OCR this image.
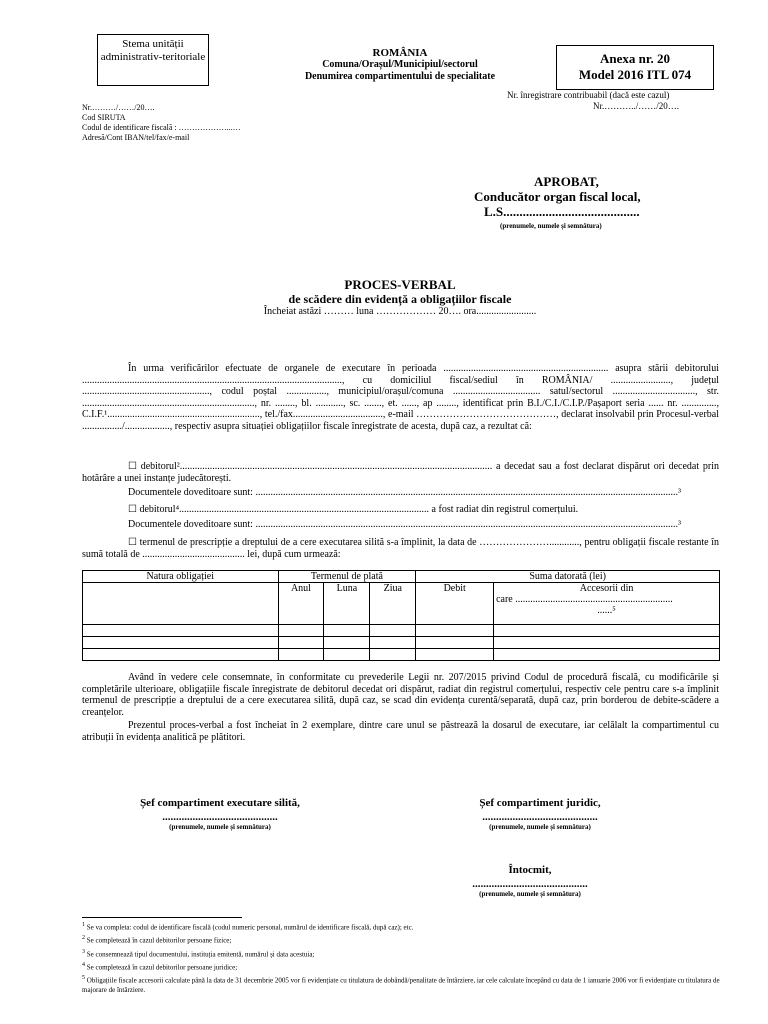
Stema unității administrativ-teritoriale	ROMÂNIA
Comuna/Orașul/Municipiul/sectorul
Denumirea compartimentului de specialitate
Anexa nr. 20
Model 2016 ITL 074
Nr. înregistrare contribuabil (dacă este cazul)
Nr.………../……/20….
Nr.………/……/20….
Cod SIRUTA
Codul de identificare fiscală : ………………...…
Adresă/Cont IBAN/tel/fax/e-mail
APROBAT,
Conducător organ fiscal local,
L.S..........................................
(prenumele, numele și semnătura)
PROCES-VERBAL
de scădere din evidență a obligațiilor fiscale
Încheiat astăzi ……… luna ……………… 20…. ora........................
În urma verificărilor efectuate de organele de executare în perioada .................................................................. asupra stării debitorului ........................................................................................................, cu domiciliul fiscal/sediul în ROMÂNIA/ ........................, județul ..................................................., codul poștal ................, municipiul/orașul/comuna ................................... satul/sectorul ................................., str. ....................................................................., nr. ........, bl. ..........., sc. ......., et. ......, ap ........, identificat prin B.I./C.I./C.I.P./Pașaport seria ...... nr. .............., C.I.F.¹............................................................., tel./fax...................................., e-mail ……………………………………, declarat insolvabil prin Procesul-verbal ................/.................., respectiv asupra situației obligațiilor fiscale înregistrate de acesta, după caz, a rezultat că:
☐ debitorul²............................................................................................................................. a decedat sau a fost declarat dispărut ori decedat prin hotărâre a unei instanțe judecătorești.
Documentele doveditoare sunt: .........................................................................................................................................................................³
☐ debitorul⁴.................................................................................................... a fost radiat din registrul comerțului.
Documentele doveditoare sunt: .........................................................................................................................................................................³
☐ termenul de prescripție a dreptului de a cere executarea silită s-a împlinit, la data de …………………............, pentru obligații fiscale restante în sumă totală de ......................................... lei, după cum urmează:
Natura obligației	Termenul de plată			Suma datorată (lei)	
	Anul	Luna	Ziua	Debit	Accesorii din
care ...............................................................
......⁵

Având în vedere cele consemnate, în conformitate cu prevederile Legii nr. 207/2015 privind Codul de procedură fiscală, cu modificările și completările ulterioare, obligațiile fiscale înregistrate de debitorul decedat ori dispărut, radiat din registrul comerțului, respectiv cele pentru care s-a împlinit termenul de prescripție a dreptului de a cere executarea silită, după caz, se scad din evidența curentă/separată, după caz, prin borderou de debite-scădere a creanțelor.
Prezentul proces-verbal a fost încheiat în 2 exemplare, dintre care unul se păstrează la dosarul de executare, iar celălalt la compartimentul cu atribuții în evidența analitică pe plătitori.
Șef compartiment executare silită,
..........................................
(prenumele, numele și semnătura)
Șef compartiment juridic,
..........................................
(prenumele, numele și semnătura)
Întocmit,
..........................................
(prenumele, numele și semnătura)
$^1$ Se va completa: codul de identificare fiscală (codul numeric personal, numărul de identificare fiscală, după caz); etc.
$^2$ Se completează în cazul debitorilor persoane fizice;
$^3$ Se consemnează tipul documentului, instituția emitentă, numărul și data acestuia;
$^4$ Se completează în cazul debitorilor persoane juridice;
$^5$ Obligațiile fiscale accesorii calculate până la data de 31 decembrie 2005 vor fi evidențiate cu titulatura de dobândă/penalitate de întârziere, iar cele calculate începând cu data de 1 ianuarie 2006 vor fi evidențiate cu titulatura de majorare de întârziere.
